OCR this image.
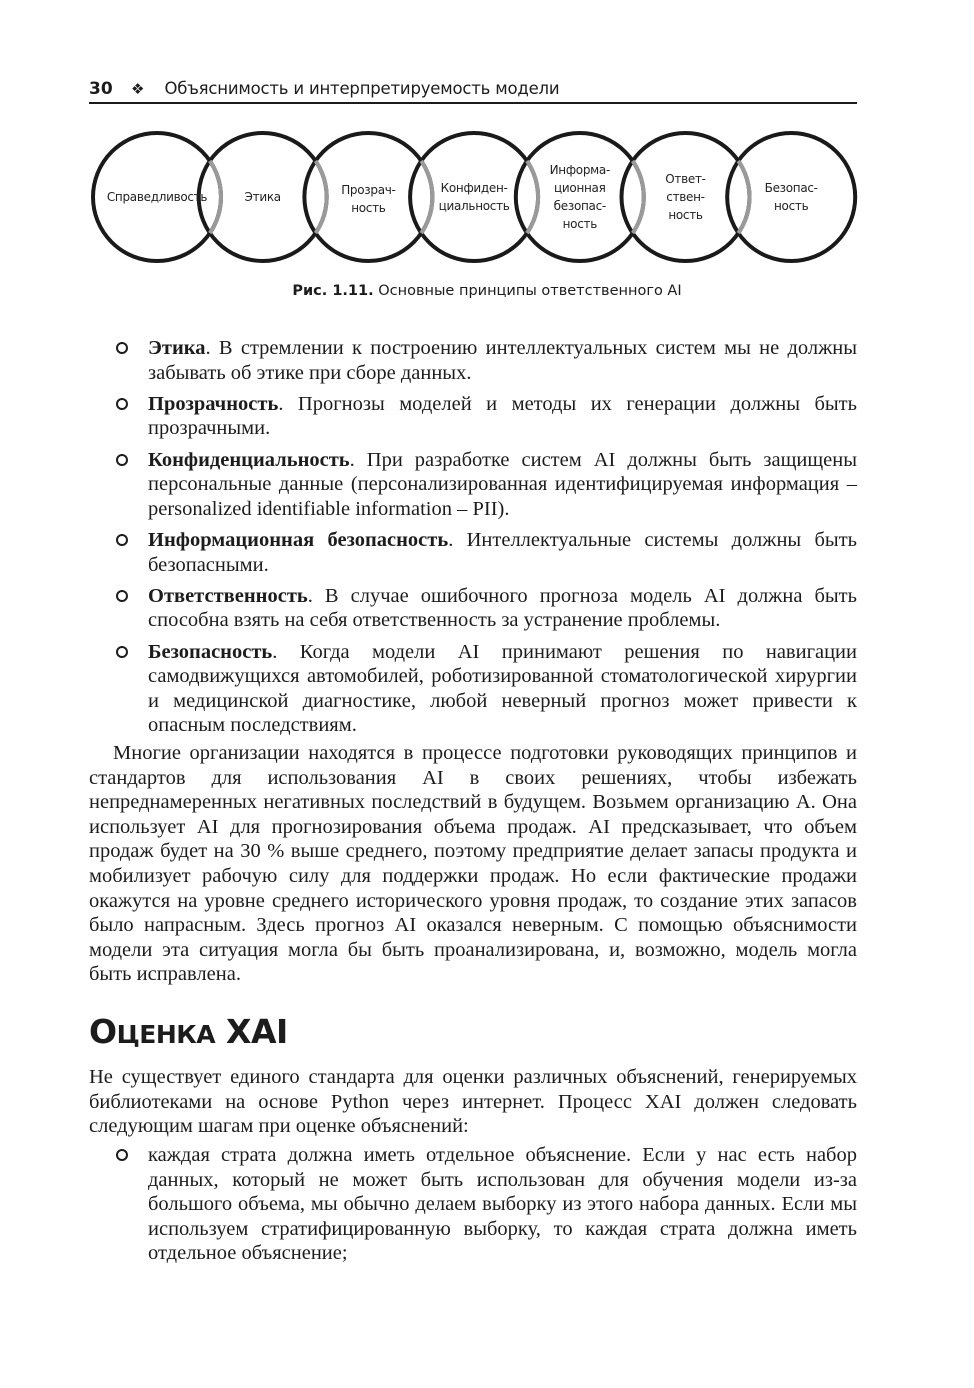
30 ❖ Объяснимость и интерпретируемость модели
Справедливость	Этика	Прозрач-
ность
Конфиден-
циальность
Информа-
ционная
безопас-
ность
Ответ-
ствен-
ность
Безопас-
ность
Рис. 1.11. Основные принципы ответственного AI
Этика. В стремлении к построению интеллектуальных систем мы не должны забывать об этике при сборе данных.
Прозрачность. Прогнозы моделей и методы их генерации должны быть прозрачными.
Конфиденциальность. При разработке систем AI должны быть защищены персональные данные (персонализированная идентифицируемая информация – personalized identifiable information – PII).
Информационная безопасность. Интеллектуальные системы должны быть безопасными.
Ответственность. В случае ошибочного прогноза модель AI должна быть способна взять на себя ответственность за устранение проблемы.
Безопасность. Когда модели AI принимают решения по навигации самодвижущихся автомобилей, роботизированной стоматологической хирургии и медицинской диагностике, любой неверный прогноз может привести к опасным последствиям.

Многие организации находятся в процессе подготовки руководящих принципов и стандартов для использования AI в своих решениях, чтобы избежать непреднамеренных негативных последствий в будущем. Возьмем организацию A. Она использует AI для прогнозирования объема продаж. AI предсказывает, что объем продаж будет на 30 % выше среднего, поэтому предприятие делает запасы продукта и мобилизует рабочую силу для поддержки продаж. Но если фактические продажи окажутся на уровне среднего исторического уровня продаж, то создание этих запасов было напрасным. Здесь прогноз AI оказался неверным. С помощью объяснимости модели эта ситуация могла бы быть проанализирована, и, возможно, модель могла быть исправлена.

ОЦЕНКА XAI

Не существует единого стандарта для оценки различных объяснений, генерируемых библиотеками на основе Python через интернет. Процесс XAI должен следовать следующим шагам при оценке объяснений:

каждая страта должна иметь отдельное объяснение. Если у нас есть набор данных, который не может быть использован для обучения модели из-за большого объема, мы обычно делаем выборку из этого набора данных. Если мы используем стратифицированную выборку, то каждая страта должна иметь отдельное объяснение;
